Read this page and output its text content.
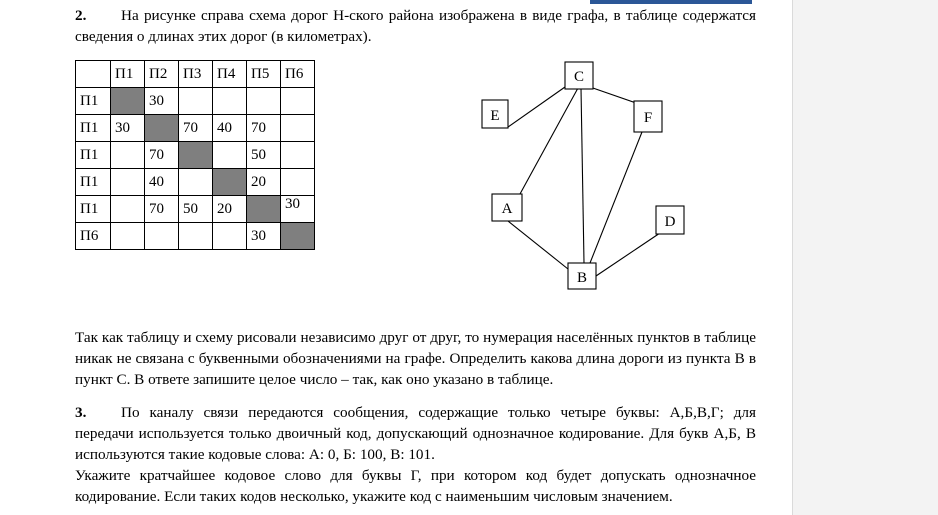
2. На рисунке справа схема дорог Н-ского района изображена в виде графа, в таблице содержатся сведения о длинах этих дорог (в километрах).
	П1	П2	П3	П4	П5	П6
П1		30				
П1	30		70	40	70	
П1		70			50	
П1		40			20	
П1		70	50	20		30
П6					30	
C
E	F
A
D
B
Так как таблицу и схему рисовали независимо друг от друг, то нумерация населённых пунктов в таблице никак не связана с буквенными обозначениями на графе. Определить какова длина дороги из пункта В в пункт С. В ответе запишите целое число – так, как оно указано в таблице.
3. По каналу связи передаются сообщения, содержащие только четыре буквы: А,Б,В,Г; для передачи используется только двоичный код, допускающий однозначное кодирование. Для букв А,Б, В используются такие кодовые слова: А: 0, Б: 100, В: 101.
Укажите кратчайшее кодовое слово для буквы Г, при котором код будет допускать однозначное кодирование. Если таких кодов несколько, укажите код с наименьшим числовым значением.
